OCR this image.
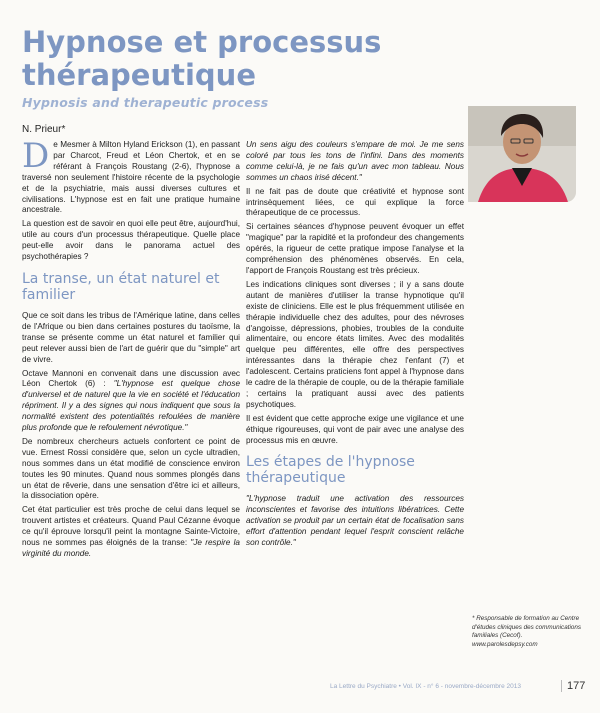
Hypnose et processus thérapeutique
Hypnosis and therapeutic process
N. Prieur*

De Mesmer à Milton Hyland Erickson (1), en passant par Charcot, Freud et Léon Chertok, et en se référant à François Roustang (2-6), l'hypnose a traversé non seulement l'histoire récente de la psychologie et de la psychiatrie, mais aussi diverses cultures et civilisations. L'hypnose est en fait une pratique humaine ancestrale.

La question est de savoir en quoi elle peut être, aujourd'hui, utile au cours d'un processus thérapeutique. Quelle place peut-elle avoir dans le panorama actuel des psychothérapies ?

La transe, un état naturel et familier

Que ce soit dans les tribus de l'Amérique latine, dans celles de l'Afrique ou bien dans certaines postures du taoïsme, la transe se présente comme un état naturel et familier qui peut relever aussi bien de l'art de guérir que du "simple" art de vivre.

Octave Mannoni en convenait dans une discussion avec Léon Chertok (6) : "L'hypnose est quelque chose d'universel et de naturel que la vie en société et l'éducation répriment. Il y a des signes qui nous indiquent que sous la normalité existent des potentialités refoulées de manière plus profonde que le refoulement névrotique."

De nombreux chercheurs actuels confortent ce point de vue. Ernest Rossi considère que, selon un cycle ultradien, nous sommes dans un état modifié de conscience environ toutes les 90 minutes. Quand nous sommes plongés dans un état de rêverie, dans une sensation d'être ici et ailleurs, la dissociation opère.

Cet état particulier est très proche de celui dans lequel se trouvent artistes et créateurs. Quand Paul Cézanne évoque ce qu'il éprouve lorsqu'il peint la montagne Sainte-Victoire, nous ne sommes pas éloignés de la transe: "Je respire la virginité du monde.

Un sens aigu des couleurs s'empare de moi. Je me sens coloré par tous les tons de l'infini. Dans des moments comme celui-là, je ne fais qu'un avec mon tableau. Nous sommes un chaos irisé décent."

Il ne fait pas de doute que créativité et hypnose sont intrinsèquement liées, ce qui explique la force thérapeutique de ce processus.

Si certaines séances d'hypnose peuvent évoquer un effet "magique" par la rapidité et la profondeur des changements opérés, la rigueur de cette pratique impose l'analyse et la compréhension des phénomènes observés. En cela, l'apport de François Roustang est très précieux.

Les indications cliniques sont diverses ; il y a sans doute autant de manières d'utiliser la transe hypnotique qu'il existe de cliniciens. Elle est le plus fréquemment utilisée en thérapie individuelle chez des adultes, pour des névroses d'angoisse, dépressions, phobies, troubles de la conduite alimentaire, ou encore états limites. Avec des modalités quelque peu différentes, elle offre des perspectives intéressantes dans la thérapie chez l'enfant (7) et l'adolescent. Certains praticiens font appel à l'hypnose dans le cadre de la thérapie de couple, ou de la thérapie familiale ; certains la pratiquant aussi avec des patients psychotiques.

Il est évident que cette approche exige une vigilance et une éthique rigoureuses, qui vont de pair avec une analyse des processus mis en œuvre.

Les étapes de l'hypnose thérapeutique

"L'hypnose traduit une activation des ressources inconscientes et favorise des intuitions libératrices. Cette activation se produit par un certain état de focalisation sans effort d'attention pendant lequel l'esprit conscient relâche son contrôle."

* Responsable de formation au Centre d'études cliniques des communications familiales (Cecof). www.parolesdepsy.com
La Lettre du Psychiatre • Vol. IX - n° 6 - novembre-décembre 2013	177
